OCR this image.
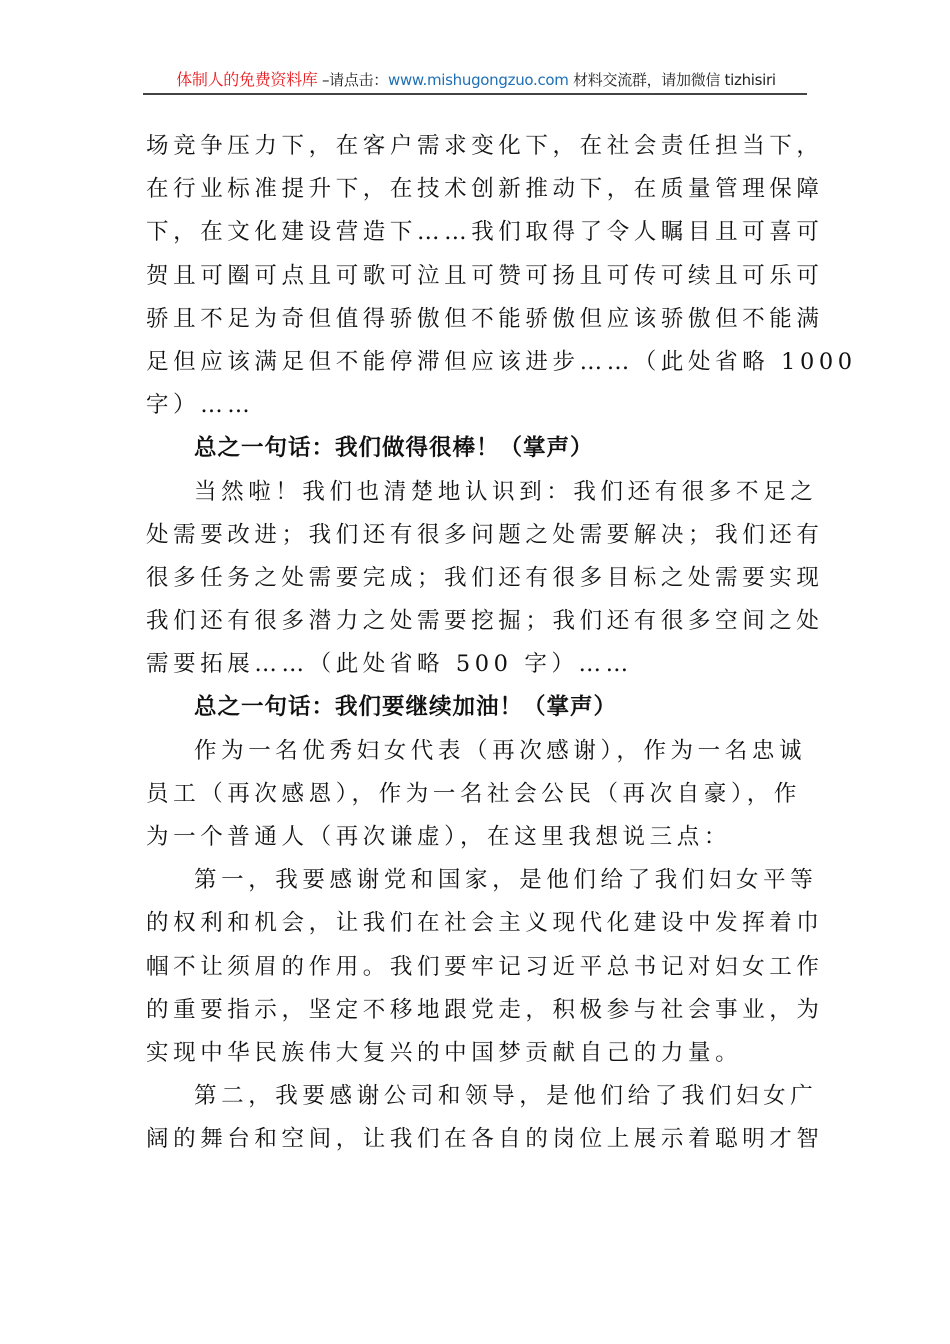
体制人的免费资料库 –请点击：www.mishugongzuo.com 材料交流群，请加微信 tizhisiri
场竞争压力下，在客户需求变化下，在社会责任担当下，
在行业标准提升下，在技术创新推动下，在质量管理保障
下，在文化建设营造下……我们取得了令人瞩目且可喜可
贺且可圈可点且可歌可泣且可赞可扬且可传可续且可乐可
骄且不足为奇但值得骄傲但不能骄傲但应该骄傲但不能满
足但应该满足但不能停滞但应该进步……（此处省略 1000
字）……
总之一句话：我们做得很棒！（掌声）
当然啦！我们也清楚地认识到：我们还有很多不足之
处需要改进；我们还有很多问题之处需要解决；我们还有
很多任务之处需要完成；我们还有很多目标之处需要实现
我们还有很多潜力之处需要挖掘；我们还有很多空间之处
需要拓展……（此处省略 500 字）……
总之一句话：我们要继续加油！（掌声）
作为一名优秀妇女代表（再次感谢），作为一名忠诚
员工（再次感恩），作为一名社会公民（再次自豪），作
为一个普通人（再次谦虚），在这里我想说三点：
第一，我要感谢党和国家，是他们给了我们妇女平等
的权利和机会，让我们在社会主义现代化建设中发挥着巾
帼不让须眉的作用。我们要牢记习近平总书记对妇女工作
的重要指示，坚定不移地跟党走，积极参与社会事业，为
实现中华民族伟大复兴的中国梦贡献自己的力量。
第二，我要感谢公司和领导，是他们给了我们妇女广
阔的舞台和空间，让我们在各自的岗位上展示着聪明才智
